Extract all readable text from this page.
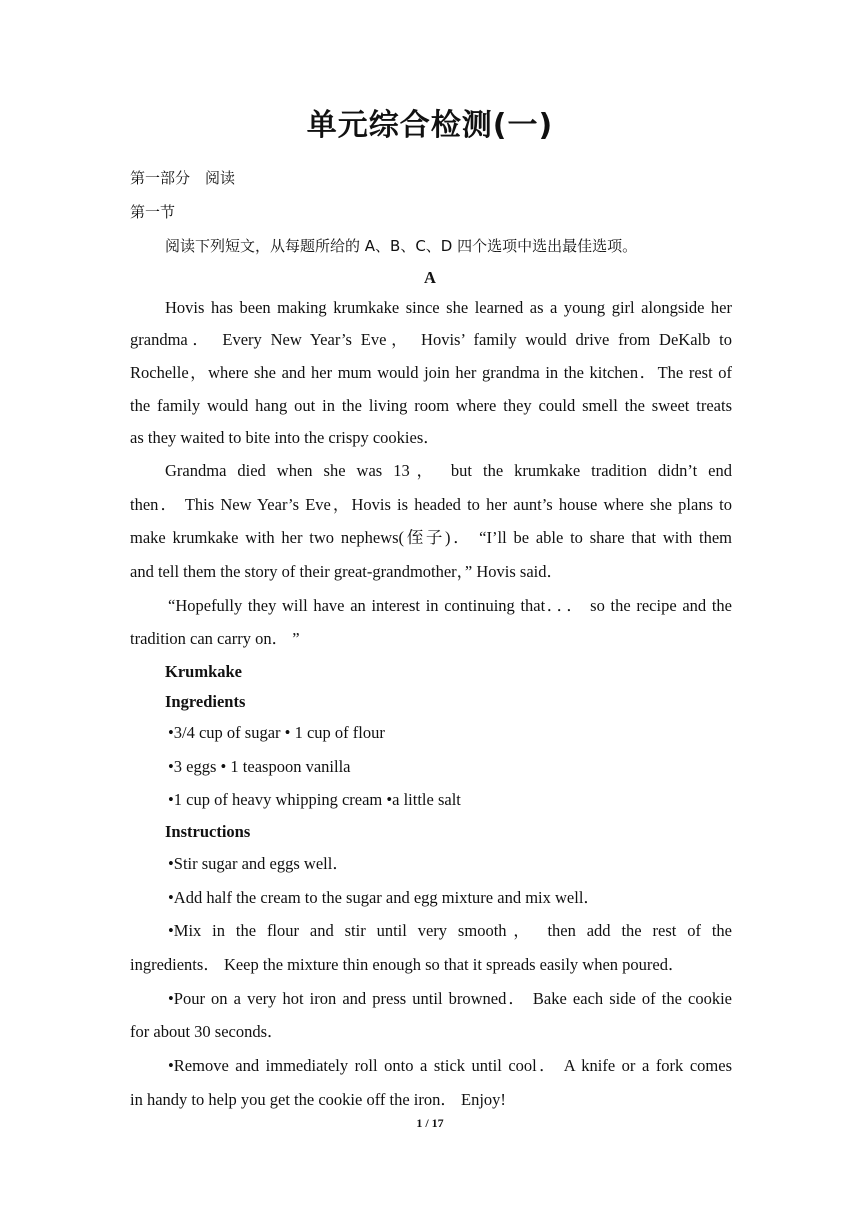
单元综合检测(一)
第一部分　阅读
第一节
阅读下列短文，从每题所给的 A、B、C、D 四个选项中选出最佳选项。
A
Hovis has been making krumkake since she learned as a young girl alongside her
grandma． Every New Year’s Eve， Hovis’ family would drive from DeKalb to
Rochelle，where she and her mum would join her grandma in the kitchen．The rest of
the family would hang out in the living room where they could smell the sweet treats
as they waited to bite into the crispy cookies．
Grandma died when she was 13， but the krumkake tradition didn’t end
then． This New Year’s Eve，Hovis is headed to her aunt’s house where she plans to
make krumkake with her two nephews(侄子)． “I’ll be able to share that with them
and tell them the story of their great-grandmother，” Hovis said．
“Hopefully they will have an interest in continuing that．．． so the recipe and the
tradition can carry on． ”
Krumkake
Ingredients
•3/4 cup of sugar • 1 cup of flour
•3 eggs • 1 teaspoon vanilla
•1 cup of heavy whipping cream •a little salt
Instructions
•Stir sugar and eggs well．
•Add half the cream to the sugar and egg mixture and mix well．
•Mix in the flour and stir until very smooth， then add the rest of the
ingredients． Keep the mixture thin enough so that it spreads easily when poured．
•Pour on a very hot iron and press until browned． Bake each side of the cookie
for about 30 seconds．
•Remove and immediately roll onto a stick until cool． A knife or a fork comes
in handy to help you get the cookie off the iron． Enjoy!
1 / 17
